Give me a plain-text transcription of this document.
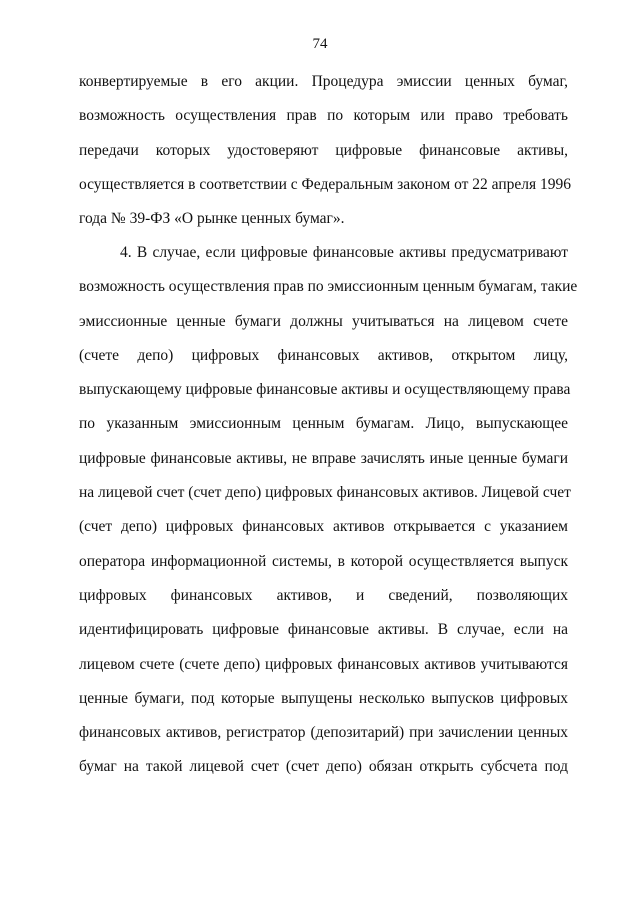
74
конвертируемые в его акции. Процедура эмиссии ценных бумаг,
возможность осуществления прав по которым или право требовать
передачи которых удостоверяют цифровые финансовые активы,
осуществляется в соответствии с Федеральным законом от 22 апреля 1996
года № 39-ФЗ «О рынке ценных бумаг».
4. В случае, если цифровые финансовые активы предусматривают
возможность осуществления прав по эмиссионным ценным бумагам, такие
эмиссионные ценные бумаги должны учитываться на лицевом счете
(счете депо) цифровых финансовых активов, открытом лицу,
выпускающему цифровые финансовые активы и осуществляющему права
по указанным эмиссионным ценным бумагам. Лицо, выпускающее
цифровые финансовые активы, не вправе зачислять иные ценные бумаги
на лицевой счет (счет депо) цифровых финансовых активов. Лицевой счет
(счет депо) цифровых финансовых активов открывается с указанием
оператора информационной системы, в которой осуществляется выпуск
цифровых финансовых активов, и сведений, позволяющих
идентифицировать цифровые финансовые активы. В случае, если на
лицевом счете (счете депо) цифровых финансовых активов учитываются
ценные бумаги, под которые выпущены несколько выпусков цифровых
финансовых активов, регистратор (депозитарий) при зачислении ценных
бумаг на такой лицевой счет (счет депо) обязан открыть субсчета под
